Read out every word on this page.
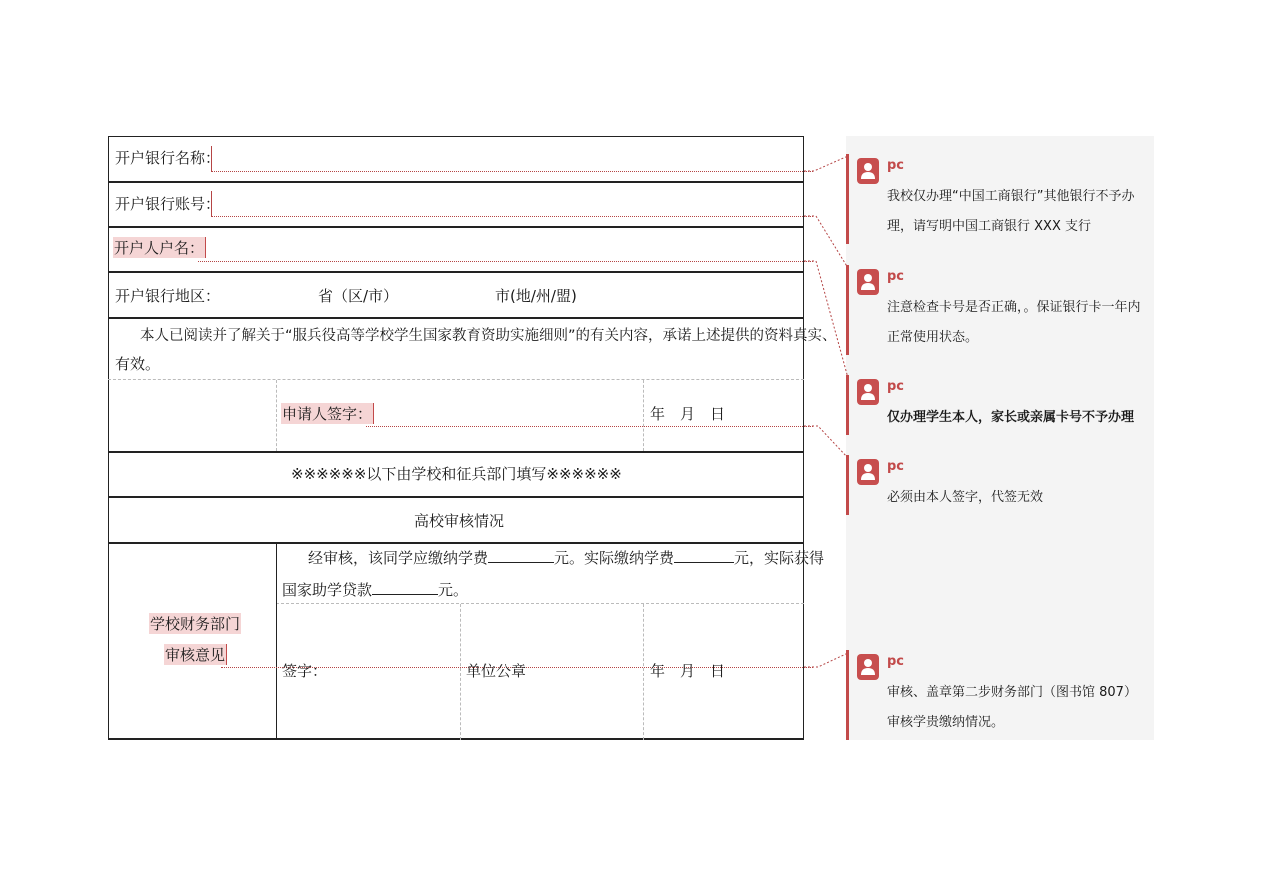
开户银行名称：
开户银行账号：
开户人户名：
开户银行地区：	省（区/市）	市(地/州/盟)
本人已阅读并了解关于“服兵役高等学校学生国家教育资助实施细则”的有关内容，承诺上述提供的资料真实、
有效。
申请人签字：	年　月　日
※※※※※※以下由学校和征兵部门填写※※※※※※
高校审核情况
学校财务部门
审核意见
经审核，该同学应缴纳学费	元。实际缴纳学费	元，实际获得
国家助学贷款	元。
签字：	单位公章	年　月　日
pc
我校仅办理“中国工商银行”其他银行不予办理，请写明中国工商银行 XXX 支行
pc
注意检查卡号是否正确，。保证银行卡一年内正常使用状态。
pc
仅办理学生本人，家长或亲属卡号不予办理
pc
必须由本人签字，代签无效
pc
审核、盖章第二步财务部门（图书馆 807）审核学贵缴纳情况。
